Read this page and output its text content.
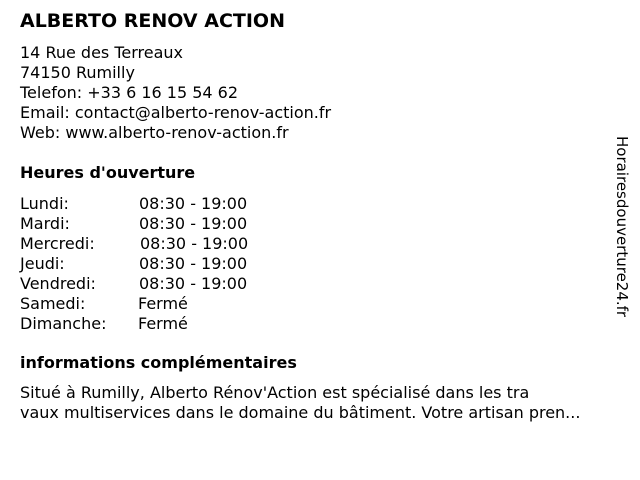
ALBERTO RENOV ACTION
14 Rue des Terreaux
74150 Rumilly
Telefon: +33 6 16 15 54 62
Email: contact@alberto-renov-action.fr
Web: www.alberto-renov-action.fr
Heures d'ouverture
Lundi:	08:30 - 19:00
Mardi:	08:30 - 19:00
Mercredi:	08:30 - 19:00
Jeudi:	08:30 - 19:00
Vendredi:	08:30 - 19:00
Samedi:	Fermé
Dimanche: Fermé
informations complémentaires
Situé à Rumilly, Alberto Rénov'Action est spécialisé dans les tra
vaux multiservices dans le domaine du bâtiment. Votre artisan pren...
Horairesdouverture24.fr
